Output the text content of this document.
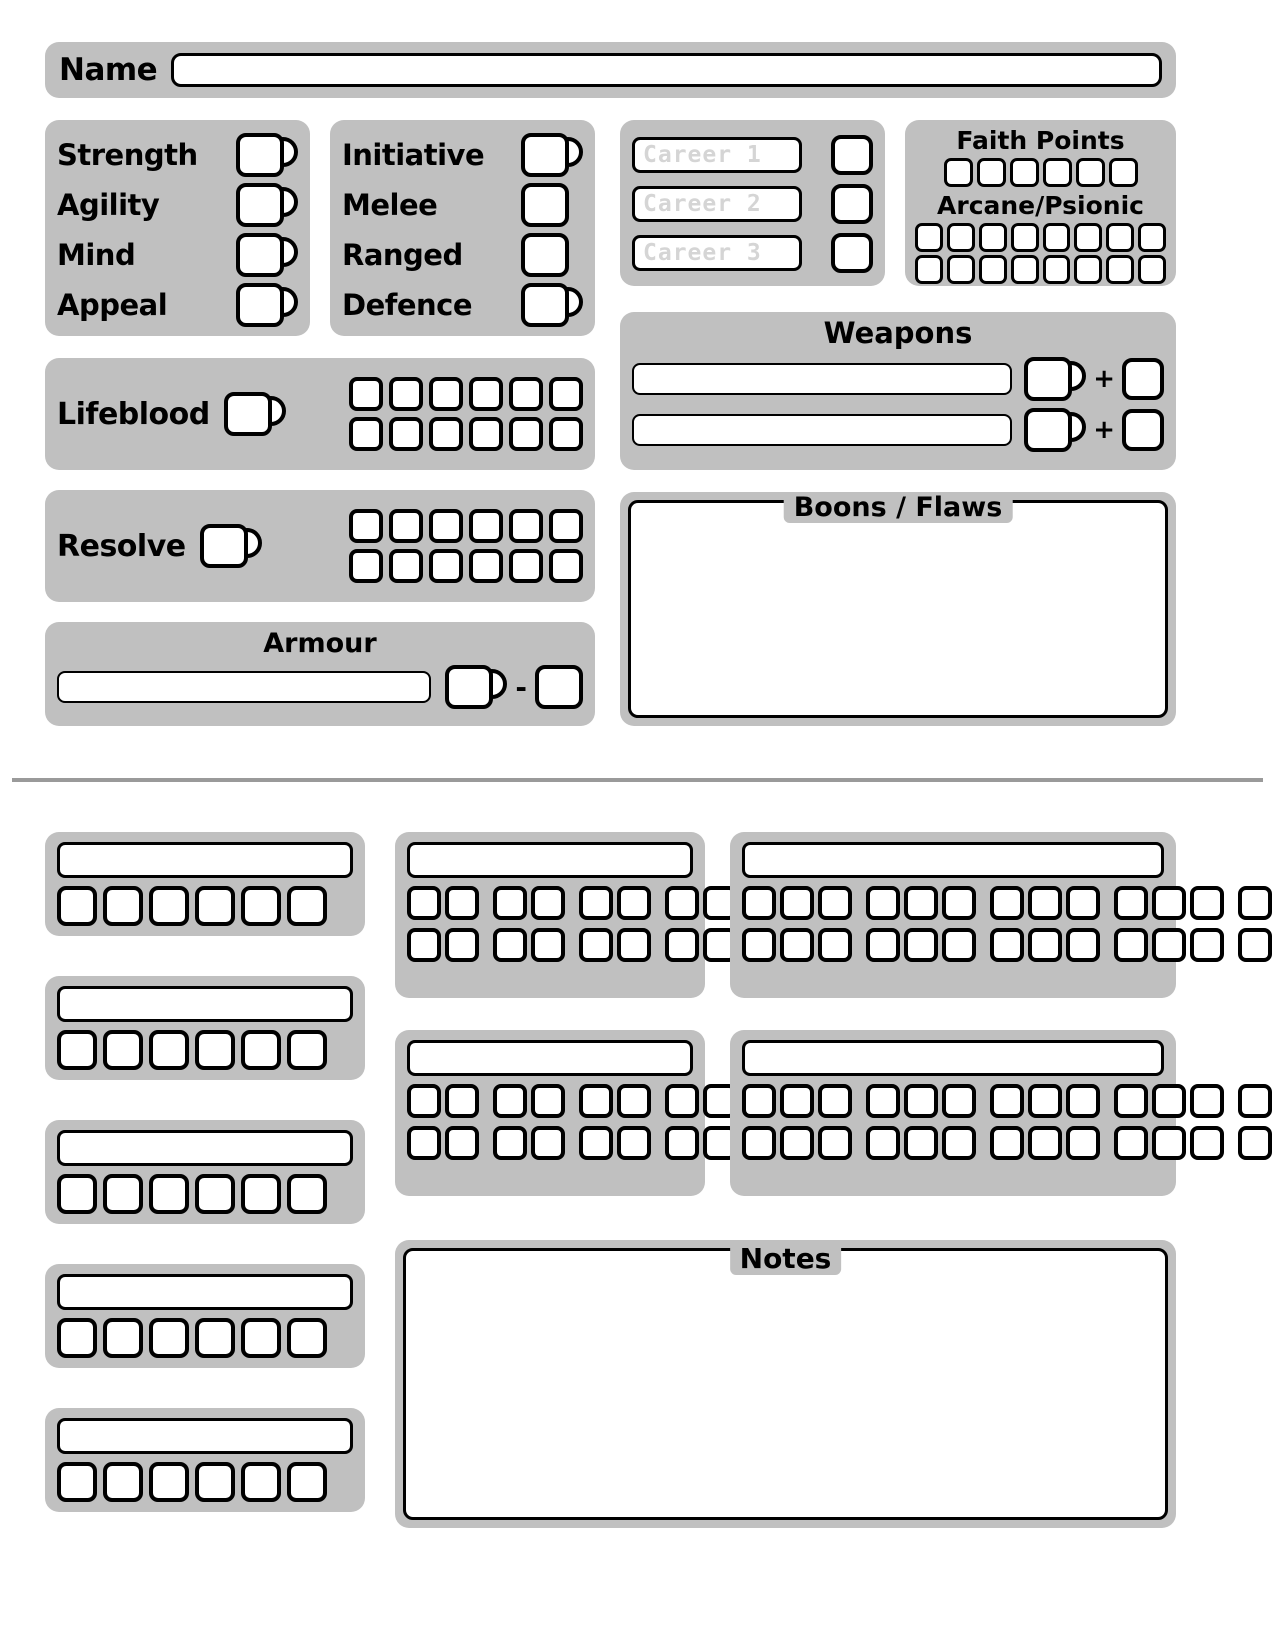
Name
Strength
Agility
Mind
Appeal
Initiative
Melee
Ranged
Defence
Career 1
Career 2
Career 3
Faith Points
Arcane/Psionic
Lifeblood
Resolve
Armour
-
Weapons
+
+
Boons / Flaws
Notes
